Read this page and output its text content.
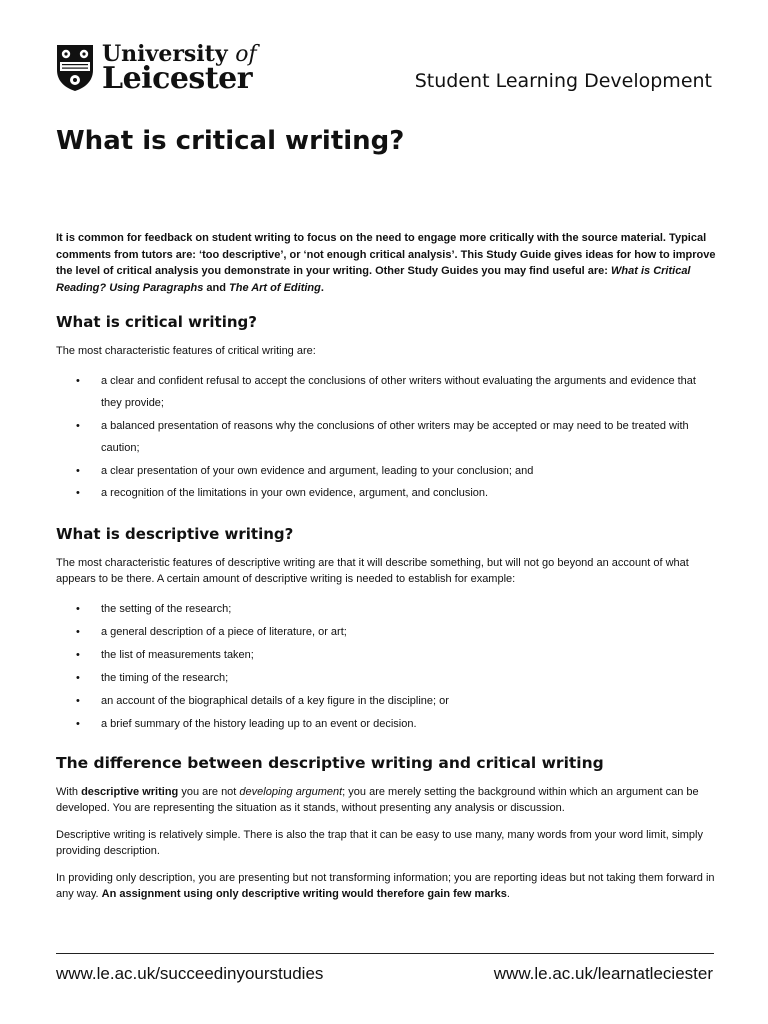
University of
Leicester	Student Learning Development
What is critical writing?

It is common for feedback on student writing to focus on the need to engage more critically with the source material. Typical comments from tutors are: ‘too descriptive’, or ‘not enough critical analysis’. This Study Guide gives ideas for how to improve the level of critical analysis you demonstrate in your writing. Other Study Guides you may find useful are: What is Critical Reading? Using Paragraphs and The Art of Editing.

What is critical writing?

The most characteristic features of critical writing are:

• a clear and confident refusal to accept the conclusions of other writers without evaluating the arguments and evidence that they provide;
• a balanced presentation of reasons why the conclusions of other writers may be accepted or may need to be treated with caution;
• a clear presentation of your own evidence and argument, leading to your conclusion; and
• a recognition of the limitations in your own evidence, argument, and conclusion.
What is descriptive writing?

The most characteristic features of descriptive writing are that it will describe something, but will not go beyond an account of what appears to be there. A certain amount of descriptive writing is needed to establish for example:

• the setting of the research;
• a general description of a piece of literature, or art;
• the list of measurements taken;
• the timing of the research;
• an account of the biographical details of a key figure in the discipline; or
• a brief summary of the history leading up to an event or decision.
The difference between descriptive writing and critical writing

With descriptive writing you are not developing argument; you are merely setting the background within which an argument can be developed. You are representing the situation as it stands, without presenting any analysis or discussion.

Descriptive writing is relatively simple. There is also the trap that it can be easy to use many, many words from your word limit, simply providing description.

In providing only description, you are presenting but not transforming information; you are reporting ideas but not taking them forward in any way. An assignment using only descriptive writing would therefore gain few marks.

www.le.ac.uk/succeedinyourstudies	www.le.ac.uk/learnatleciester
